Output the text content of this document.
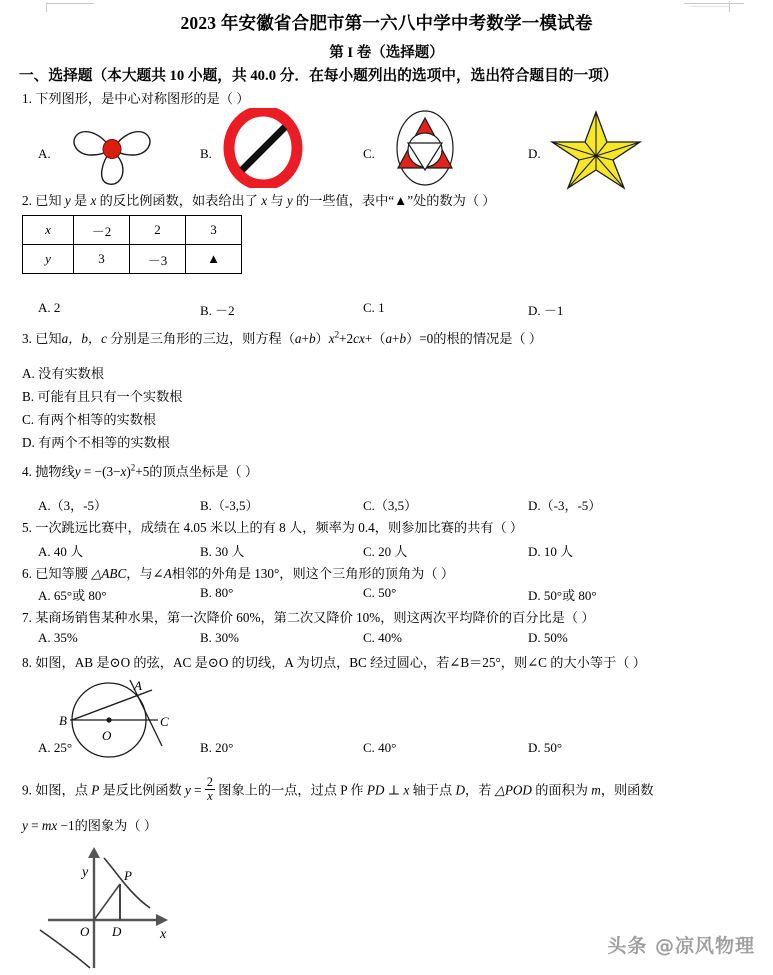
2023 年安徽省合肥市第一六八中学中考数学一模试卷
第 I 卷（选择题）
一、选择题（本大题共 10 小题，共 40.0 分．在每小题列出的选项中，选出符合题目的一项）
1. 下列图形，是中心对称图形的是（ ）
A.	B.	C.	D.
2. 已知 y 是 x 的反比例函数，如表给出了 x 与 y 的一些值，表中“▲”处的数为（ ）
x	－2	2	3
y	3	－3	▲
A. 2	B. －2	C. 1	D. －1
3. 已知a，b，c 分别是三角形的三边，则方程$(a+b)x^2+2cx+(a+b)=0$的根的情况是（ ）
A. 没有实数根
B. 可能有且只有一个实数根
C. 有两个相等的实数根
D. 有两个不相等的实数根
4. 抛物线$y = -(3-x)^2+5$的顶点坐标是（ ）
A.（3，-5）	B.（-3,5）	C.（3,5）	D.（-3，-5）
5. 一次跳远比赛中，成绩在 4.05 米以上的有 8 人，频率为 0.4，则参加比赛的共有（ ）
A. 40 人	B. 30 人	C. 20 人	D. 10 人
6. 已知等腰 △ABC，与∠A相邻的外角是 130°，则这个三角形的顶角为（ ）
A. 65°或 80°	B. 80°	C. 50°	D. 50°或 80°
7. 某商场销售某种水果，第一次降价 60%，第二次又降价 10%，则这两次平均降价的百分比是（ ）
A. 35%	B. 30%	C. 40%	D. 50%
8. 如图，AB 是⊙O 的弦，AC 是⊙O 的切线，A 为切点，BC 经过圆心，若∠B＝25°，则∠C 的大小等于（ ）
B
A
C
O
A. 25°	B. 20°	C. 40°	D. 50°
9. 如图，点 P 是反比例函数 $y = \frac{2}{x}$ 图象上的一点，过点 P 作 PD ⊥ x 轴于点 D，若 △POD 的面积为 m，则函数
y = mx −1的图象为（ ）
y
x
O D
P
头条 @凉风物理
